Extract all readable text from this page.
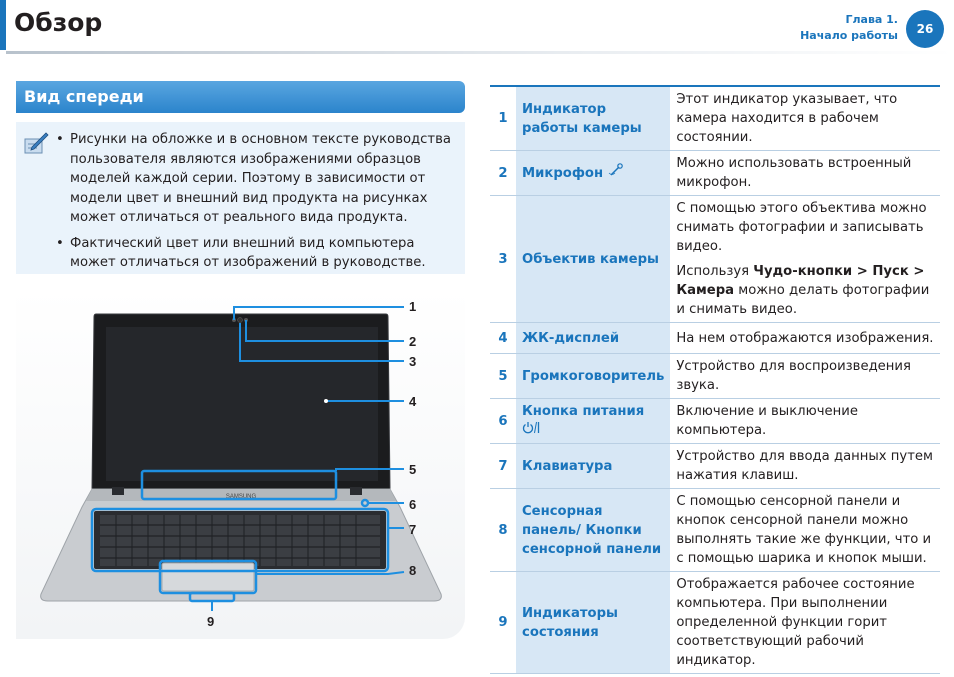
Обзор	Глава 1.
Начало работы	26
Вид спереди
• Рисунки на обложке и в основном тексте руководства пользователя являются изображениями образцов моделей каждой серии. Поэтому в зависимости от модели цвет и внешний вид продукта на рисунках может отличаться от реального вида продукта.
• Фактический цвет или внешний вид компьютера может отличаться от изображений в руководстве.
SAMSUNG
1
2
3
4
5
6
7
8
9
1	Индикатор работы камеры	Этот индикатор указывает, что камера находится в рабочем состоянии.
2	Микрофон	Можно использовать встроенный микрофон.
3	Объектив камеры	С помощью этого объектива можно снимать фотографии и записывать видео.

Используя Чудо-кнопки > Пуск > Камера можно делать фотографии и снимать видео.

4	ЖК-дисплей	На нем отображаются изображения.
5	Громкоговоритель	Устройство для воспроизведения звука.
6	Кнопка питания	Включение и выключение компьютера.
7	Клавиатура	Устройство для ввода данных путем нажатия клавиш.
8	Сенсорная панель/ Кнопки сенсорной панели	С помощью сенсорной панели и кнопок сенсорной панели можно выполнять такие же функции, что и с помощью шарика и кнопок мыши.
9	Индикаторы состояния	Отображается рабочее состояние компьютера. При выполнении определенной функции горит соответствующий рабочий индикатор.
